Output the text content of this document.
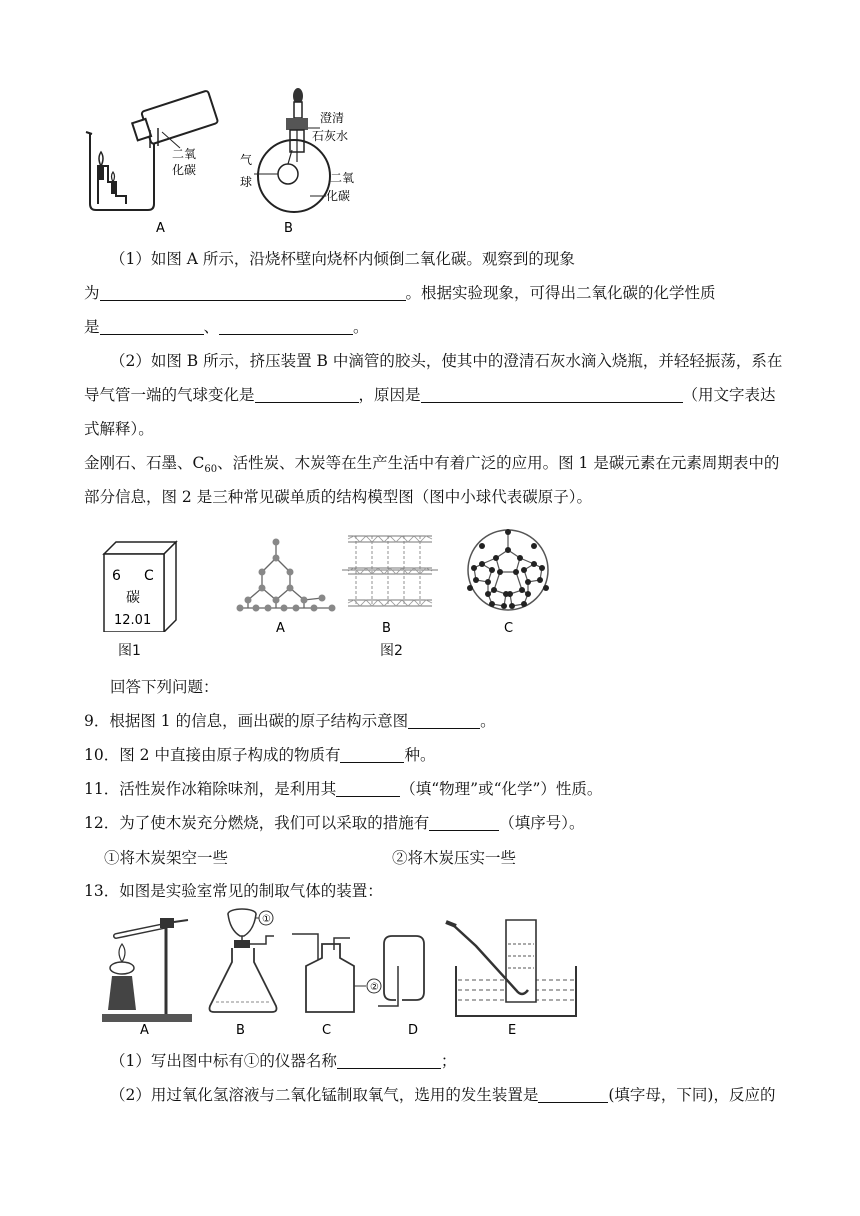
二氧化碳
A
澄清
石灰水
气
球	二氧
化碳
B
（1）如图 A 所示，沿烧杯壁向烧杯内倾倒二氧化碳。观察到的现象
为	。根据实验现象，可得出二氧化碳的化学性质
是	、	。
（2）如图 B 所示，挤压装置 B 中滴管的胶头，使其中的澄清石灰水滴入烧瓶，并轻轻振荡，系在
导气管一端的气球变化是	，原因是	（用文字表达
式解释）。
金刚石、石墨、$C_{60}$、活性炭、木炭等在生产生活中有着广泛的应用。图 1 是碳元素在元素周期表中的
部分信息，图 2 是三种常见碳单质的结构模型图（图中小球代表碳原子）。
6 C
碳
12.01
A	B	C
图1	图2
回答下列问题：
9．根据图 1 的信息，画出碳的原子结构示意图	。
10．图 2 中直接由原子构成的物质有	种。
11．活性炭作冰箱除味剂，是利用其	（填“物理”或“化学”）性质。
12．为了使木炭充分燃烧，我们可以采取的措施有	（填序号）。
①将木炭架空一些	②将木炭压实一些
13．如图是实验室常见的制取气体的装置：
A
①
B
②
C	D	E
（1）写出图中标有①的仪器名称	；
（2）用过氧化氢溶液与二氧化锰制取氧气，选用的发生装置是	(填字母，下同)，反应的
